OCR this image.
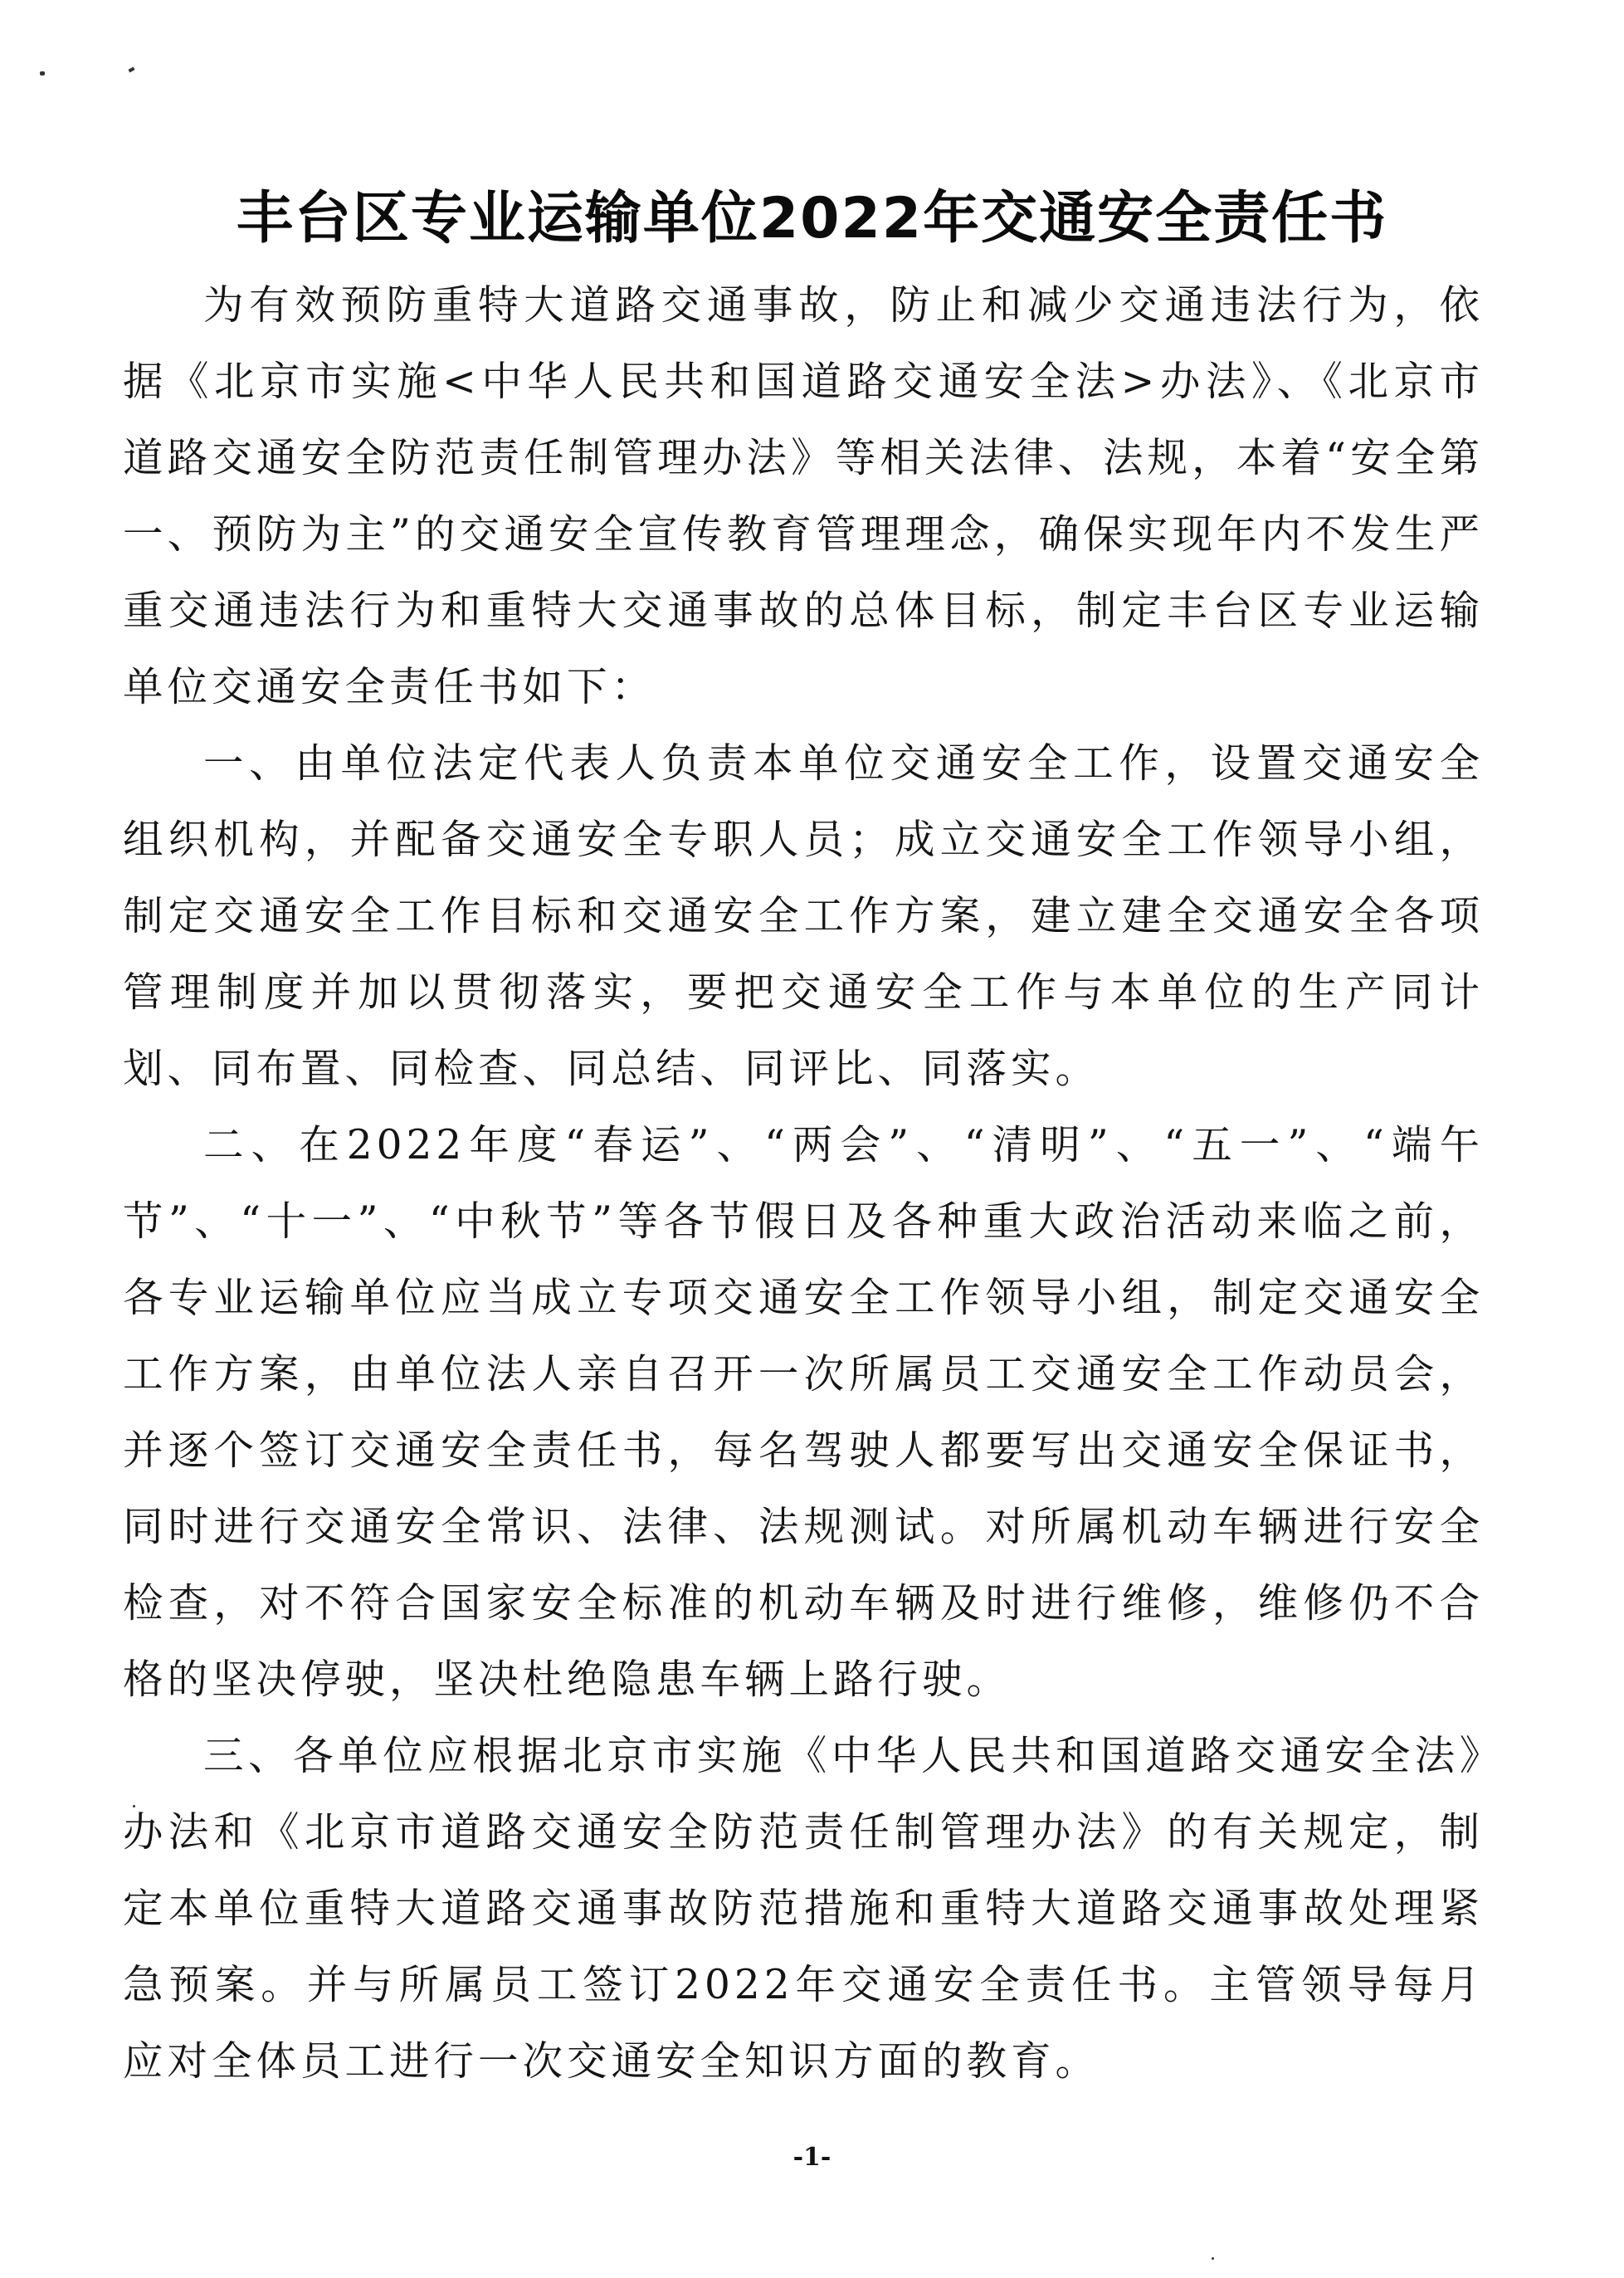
丰台区专业运输单位2022年交通安全责任书

为有效预防重特大道路交通事故，防止和减少交通违法行为，依据《北京市实施<中华人民共和国道路交通安全法>办法》、《北京市道路交通安全防范责任制管理办法》等相关法律、法规，本着“安全第一、预防为主”的交通安全宣传教育管理理念，确保实现年内不发生严重交通违法行为和重特大交通事故的总体目标，制定丰台区专业运输单位交通安全责任书如下：

一、由单位法定代表人负责本单位交通安全工作，设置交通安全组织机构，并配备交通安全专职人员；成立交通安全工作领导小组，制定交通安全工作目标和交通安全工作方案，建立建全交通安全各项管理制度并加以贯彻落实，要把交通安全工作与本单位的生产同计划、同布置、同检查、同总结、同评比、同落实。

二、在2022年度“春运”、“两会”、“清明”、“五一”、“端午节”、“十一”、“中秋节”等各节假日及各种重大政治活动来临之前，各专业运输单位应当成立专项交通安全工作领导小组，制定交通安全工作方案，由单位法人亲自召开一次所属员工交通安全工作动员会，并逐个签订交通安全责任书，每名驾驶人都要写出交通安全保证书，同时进行交通安全常识、法律、法规测试。对所属机动车辆进行安全检查，对不符合国家安全标准的机动车辆及时进行维修，维修仍不合格的坚决停驶，坚决杜绝隐患车辆上路行驶。

三、各单位应根据北京市实施《中华人民共和国道路交通安全法》办法和《北京市道路交通安全防范责任制管理办法》的有关规定，制定本单位重特大道路交通事故防范措施和重特大道路交通事故处理紧急预案。并与所属员工签订2022年交通安全责任书。主管领导每月应对全体员工进行一次交通安全知识方面的教育。

-1-
